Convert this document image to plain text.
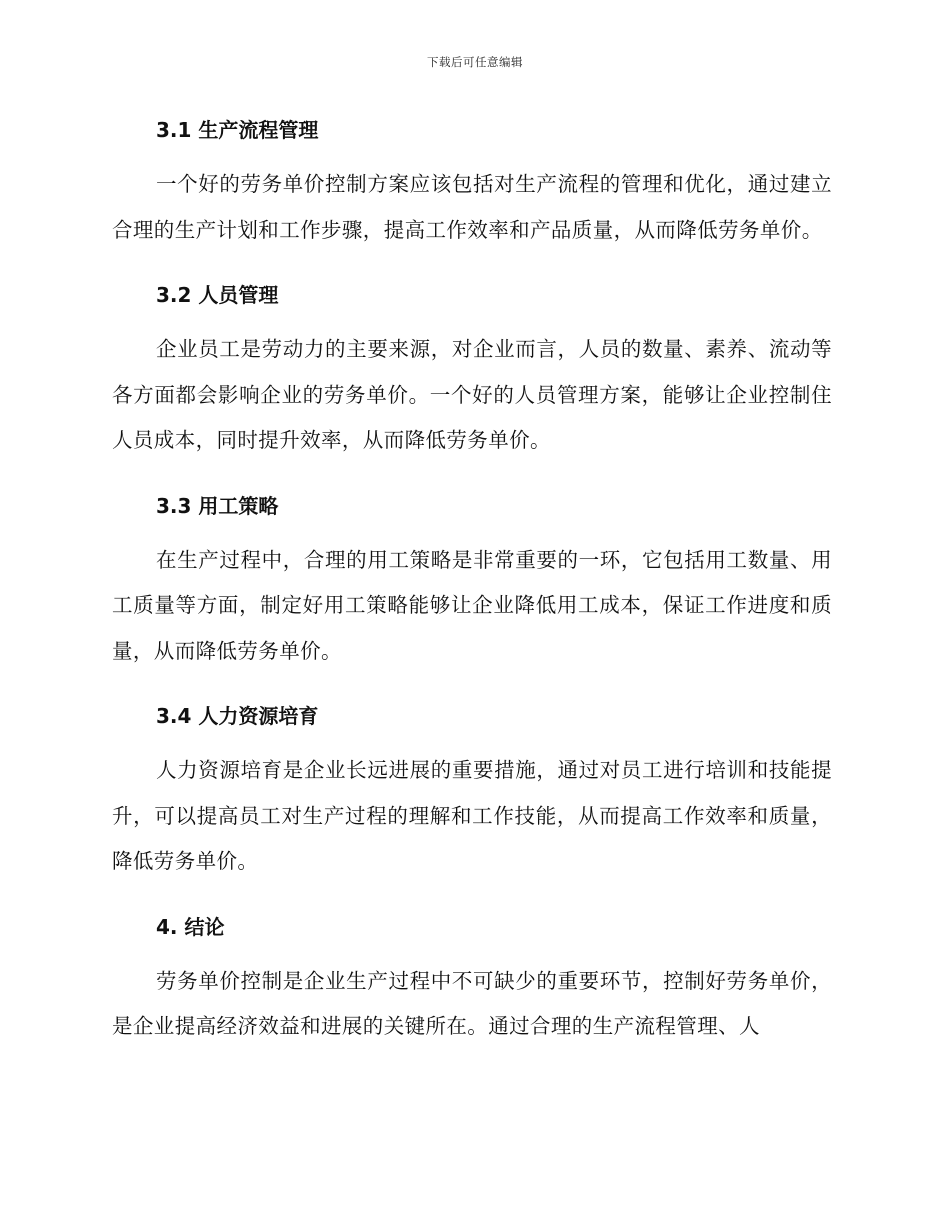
下载后可任意编辑
3.1 生产流程管理
一个好的劳务单价控制方案应该包括对生产流程的管理和优化，通过建立合理的生产计划和工作步骤，提高工作效率和产品质量，从而降低劳务单价。
3.2 人员管理
企业员工是劳动力的主要来源，对企业而言，人员的数量、素养、流动等各方面都会影响企业的劳务单价。一个好的人员管理方案，能够让企业控制住人员成本，同时提升效率，从而降低劳务单价。
3.3 用工策略
在生产过程中，合理的用工策略是非常重要的一环，它包括用工数量、用工质量等方面，制定好用工策略能够让企业降低用工成本，保证工作进度和质量，从而降低劳务单价。
3.4 人力资源培育
人力资源培育是企业长远进展的重要措施，通过对员工进行培训和技能提升，可以提高员工对生产过程的理解和工作技能，从而提高工作效率和质量，降低劳务单价。
4. 结论
劳务单价控制是企业生产过程中不可缺少的重要环节，控制好劳务单价，是企业提高经济效益和进展的关键所在。通过合理的生产流程管理、人
